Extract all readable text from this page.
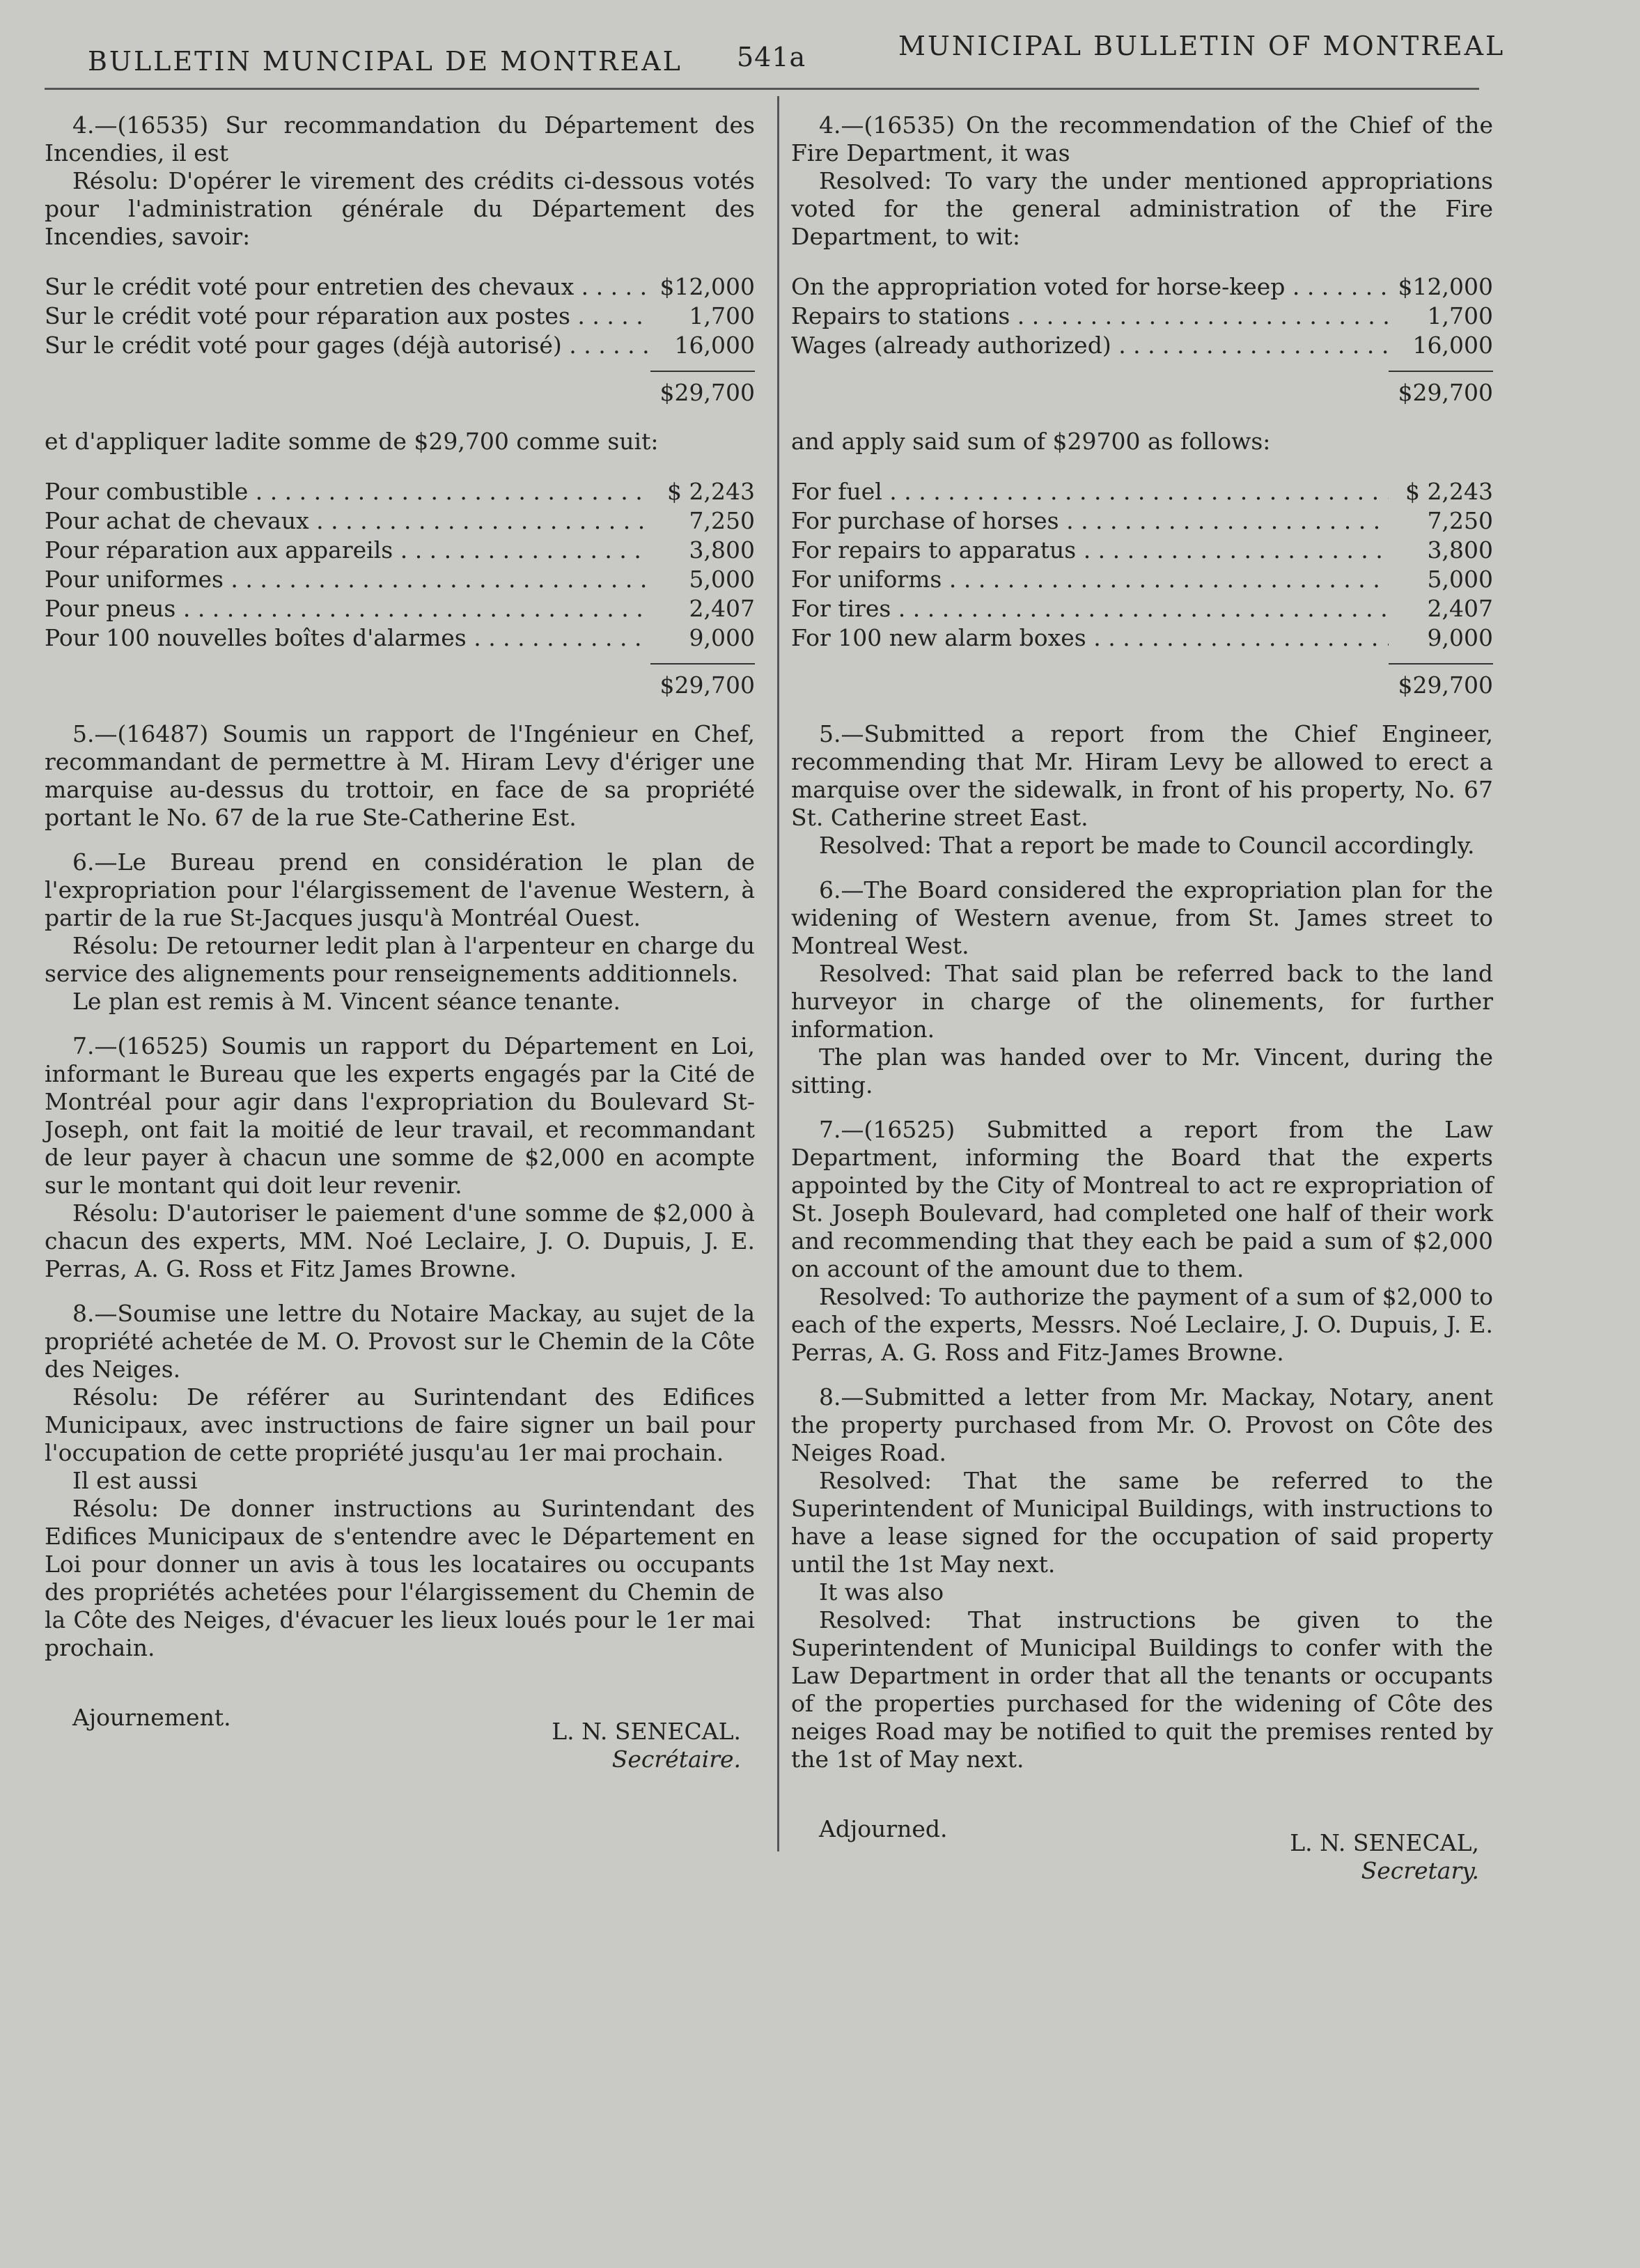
BULLETIN MUNCIPAL DE MONTREAL 541a	MUNICIPAL BULLETIN OF MONTREAL

4.—(16535) Sur recommandation du Département des Incendies, il est

Résolu: D'opérer le virement des crédits ci-dessous votés pour l'administration générale du Département des Incendies, savoir:

Sur le crédit voté pour entretien des chevaux . . .	$12,000
Sur le crédit voté pour réparation aux postes . . .	1,700
Sur le crédit voté pour gages (déjà autorisé) . . .	16,000
$29,700

et d'appliquer ladite somme de $29,700 comme suit:

Pour combustible . . .	$ 2,243
Pour achat de chevaux . . .	7,250
Pour réparation aux appareils . . .	3,800
Pour uniformes . . .	5,000
Pour pneus . . .	2,407
Pour 100 nouvelles boîtes d'alarmes . . .	9,000
$29,700

5.—(16487) Soumis un rapport de l'Ingénieur en Chef, recommandant de permettre à M. Hiram Levy d'ériger une marquise au-dessus du trottoir, en face de sa propriété portant le No. 67 de la rue Ste-Catherine Est.

6.—Le Bureau prend en considération le plan de l'expropriation pour l'élargissement de l'avenue Western, à partir de la rue St-Jacques jusqu'à Montréal Ouest.

Résolu: De retourner ledit plan à l'arpenteur en charge du service des alignements pour renseignements additionnels.

Le plan est remis à M. Vincent séance tenante.

7.—(16525) Soumis un rapport du Département en Loi, informant le Bureau que les experts engagés par la Cité de Montréal pour agir dans l'expropriation du Boulevard St-Joseph, ont fait la moitié de leur travail, et recommandant de leur payer à chacun une somme de $2,000 en acompte sur le montant qui doit leur revenir.

Résolu: D'autoriser le paiement d'une somme de $2,000 à chacun des experts, MM. Noé Leclaire, J. O. Dupuis, J. E. Perras, A. G. Ross et Fitz James Browne.

8.—Soumise une lettre du Notaire Mackay, au sujet de la propriété achetée de M. O. Provost sur le Chemin de la Côte des Neiges.

Résolu: De référer au Surintendant des Edifices Municipaux, avec instructions de faire signer un bail pour l'occupation de cette propriété jusqu'au 1er mai prochain.

Il est aussi

Résolu: De donner instructions au Surintendant des Edifices Municipaux de s'entendre avec le Département en Loi pour donner un avis à tous les locataires ou occupants des propriétés achetées pour l'élargissement du Chemin de la Côte des Neiges, d'évacuer les lieux loués pour le 1er mai prochain.

Ajournement.
L. N. SENECAL.
Secrétaire.

4.—(16535) On the recommendation of the Chief of the Fire Department, it was

Resolved: To vary the under mentioned appropriations voted for the general administration of the Fire Department, to wit:

On the appropriation voted for horse-keep . . .	$12,000
Repairs to stations . . .	1,700
Wages (already authorized) . . .	16,000
$29,700

and apply said sum of $29700 as follows:

For fuel . . .	$ 2,243
For purchase of horses . . .	7,250
For repairs to apparatus . . .	3,800
For uniforms . . .	5,000
For tires . . .	2,407
For 100 new alarm boxes . . .	9,000
$29,700

5.—Submitted a report from the Chief Engineer, recommending that Mr. Hiram Levy be allowed to erect a marquise over the sidewalk, in front of his property, No. 67 St. Catherine street East.

Resolved: That a report be made to Council accordingly.

6.—The Board considered the expropriation plan for the widening of Western avenue, from St. James street to Montreal West.

Resolved: That said plan be referred back to the land hurveyor in charge of the olinements, for further information.

The plan was handed over to Mr. Vincent, during the sitting.

7.—(16525) Submitted a report from the Law Department, informing the Board that the experts appointed by the City of Montreal to act re expropriation of St. Joseph Boulevard, had completed one half of their work and recommending that they each be paid a sum of $2,000 on account of the amount due to them.

Resolved: To authorize the payment of a sum of $2,000 to each of the experts, Messrs. Noé Leclaire, J. O. Dupuis, J. E. Perras, A. G. Ross and Fitz-James Browne.

8.—Submitted a letter from Mr. Mackay, Notary, anent the property purchased from Mr. O. Provost on Côte des Neiges Road.

Resolved: That the same be referred to the Superintendent of Municipal Buildings, with instructions to have a lease signed for the occupation of said property until the 1st May next.

It was also

Resolved: That instructions be given to the Superintendent of Municipal Buildings to confer with the Law Department in order that all the tenants or occupants of the properties purchased for the widening of Côte des neiges Road may be notified to quit the premises rented by the 1st of May next.

Adjourned.
L. N. SENECAL,
Secretary.
